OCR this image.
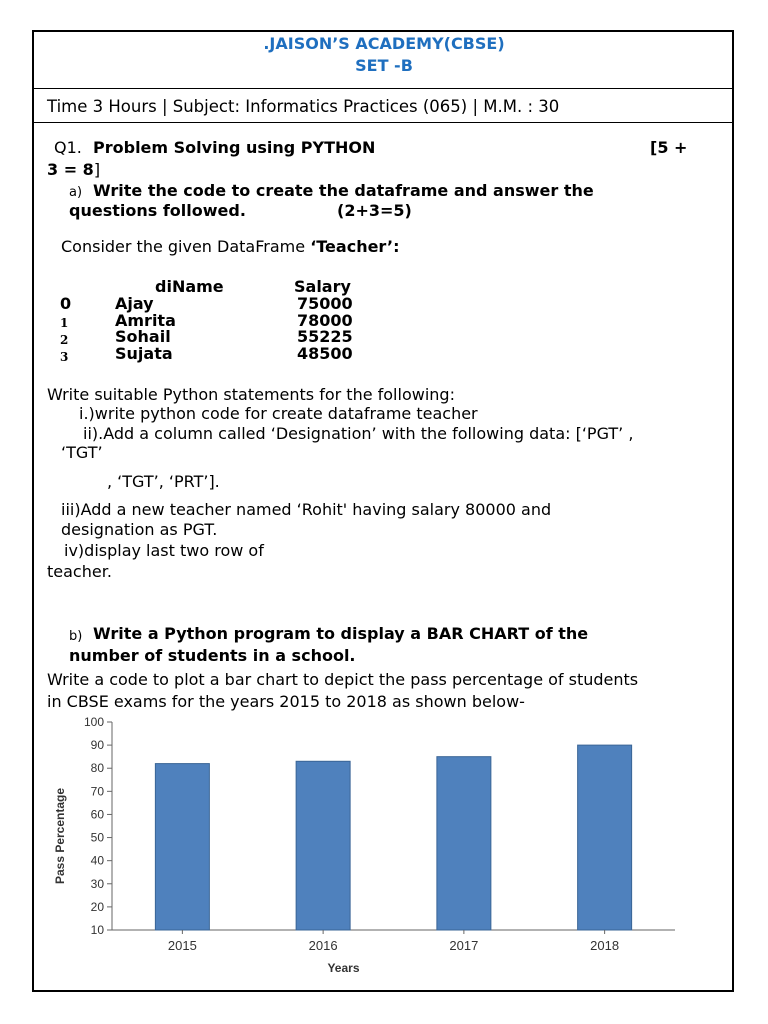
.JAISON’S ACADEMY(CBSE)
SET -B
Time 3 Hours | Subject: Informatics Practices (065) | M.M. : 30
Q1. Problem Solving using PYTHON	[5 +
3 = 8]
a) Write the code to create the dataframe and answer the
questions followed.	(2+3=5)
Consider the given DataFrame ‘Teacher’:
diName	Salary
0	Ajay	75000
1	Amrita	78000
2	Sohail	55225
3	Sujata	48500
Write suitable Python statements for the following:
i.)write python code for create dataframe teacher
ii).Add a column called ‘Designation’ with the following data: [‘PGT’ ,
‘TGT’
, ‘TGT’, ‘PRT’].
iii)Add a new teacher named ‘Rohit' having salary 80000 and
designation as PGT.
iv)display last two row of
teacher.
b) Write a Python program to display a BAR CHART of the
number of students in a school.
Write a code to plot a bar chart to depict the pass percentage of students
in CBSE exams for the years 2015 to 2018 as shown below-
10
20
30
40
50
60
70
80
90
100
2015	2016	2017	2018
Years
Pass Percentage
